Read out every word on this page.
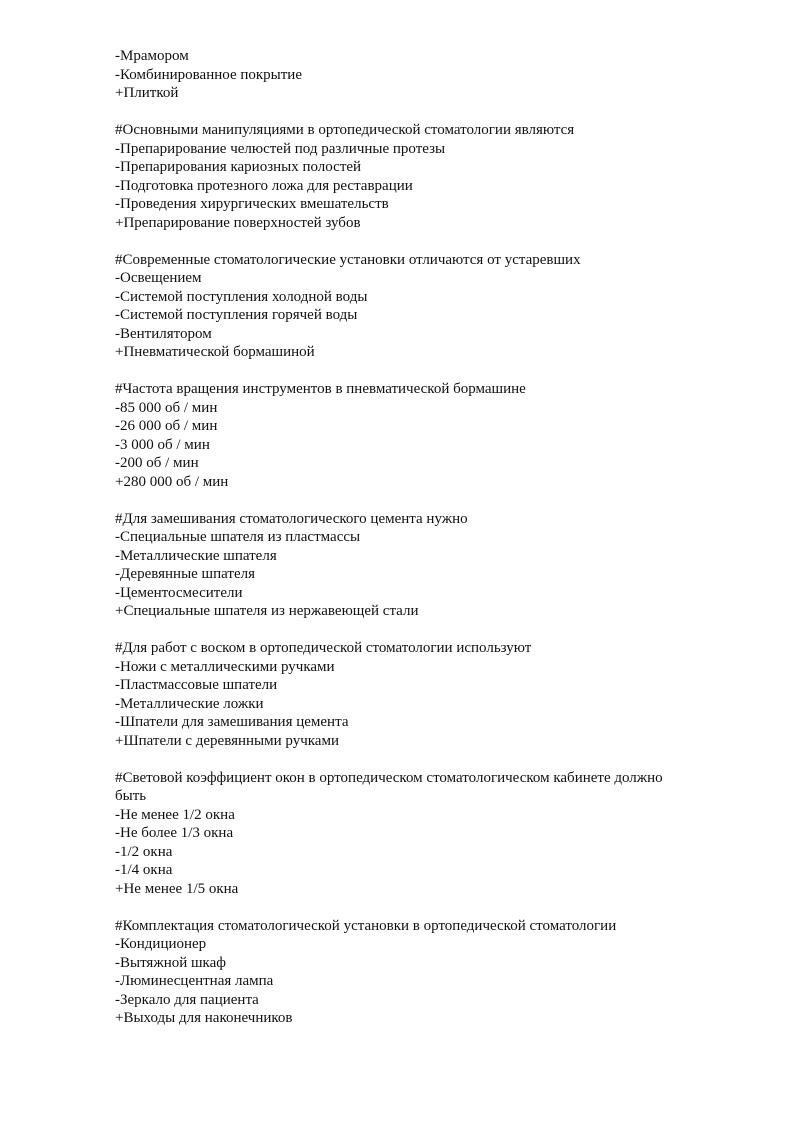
-Мрамором
-Комбинированное покрытие
+Плиткой
#Основными манипуляциями в ортопедической стоматологии являются
-Препарирование челюстей под различные протезы
-Препарирования кариозных полостей
-Подготовка протезного ложа для реставрации
-Проведения хирургических вмешательств
+Препарирование поверхностей зубов
#Современные стоматологические установки отличаются от устаревших
-Освещением
-Системой поступления холодной воды
-Системой поступления горячей воды
-Вентилятором
+Пневматической бормашиной
#Частота вращения инструментов в пневматической бормашине
-85 000 об / мин
-26 000 об / мин
-3 000 об / мин
-200 об / мин
+280 000 об / мин
#Для замешивания стоматологического цемента нужно
-Специальные шпателя из пластмассы
-Металлические шпателя
-Деревянные шпателя
-Цементосмесители
+Специальные шпателя из нержавеющей стали
#Для работ с воском в ортопедической стоматологии используют
-Ножи с металлическими ручками
-Пластмассовые шпатели
-Металлические ложки
-Шпатели для замешивания цемента
+Шпатели с деревянными ручками
#Световой коэффициент окон в ортопедическом стоматологическом кабинете должно
быть
-Не менее 1/2 окна
-Не более 1/3 окна
-1/2 окна
-1/4 окна
+Не менее 1/5 окна
#Комплектация стоматологической установки в ортопедической стоматологии
-Кондиционер
-Вытяжной шкаф
-Люминесцентная лампа
-Зеркало для пациента
+Выходы для наконечников
